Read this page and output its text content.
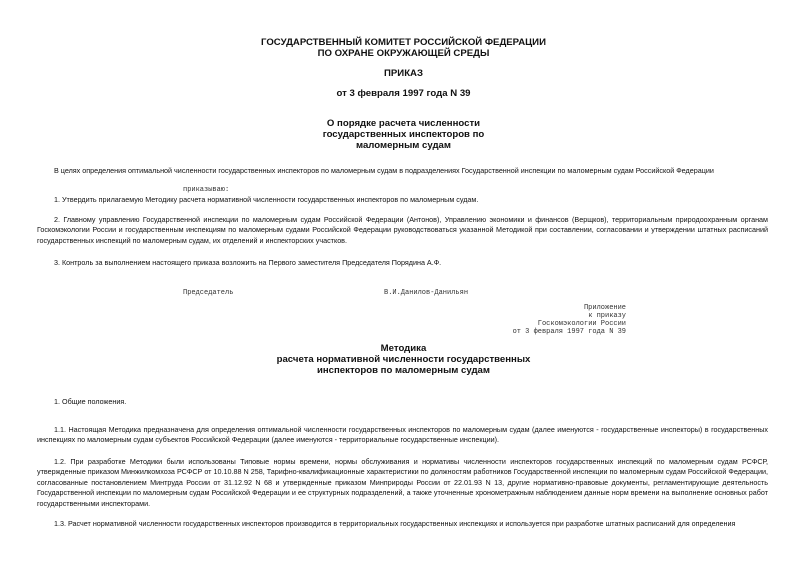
ГОСУДАРСТВЕННЫЙ КОМИТЕТ РОССИЙСКОЙ ФЕДЕРАЦИИ
ПО ОХРАНЕ ОКРУЖАЮЩЕЙ СРЕДЫ
ПРИКАЗ
от 3 февраля 1997 года N 39
О порядке расчета численности
государственных инспекторов по
маломерным судам
В целях определения оптимальной численности государственных инспекторов по маломерным судам в подразделениях Государственной инспекции по маломерным судам Российской Федерации
приказываю:
1. Утвердить прилагаемую Методику расчета нормативной численности государственных инспекторов по маломерным судам.
2. Главному управлению Государственной инспекции по маломерным судам Российской Федерации (Антонов), Управлению экономики и финансов (Верщков), территориальным природоохранным органам Госкомэкологии России и государственным инспекциям по маломерным судами Российской Федерации руководствоваться указанной Методикой при составлении, согласовании и утверждении штатных расписаний государственных инспекций по маломерным судам, их отделений и инспекторских участков.
3. Контроль за выполнением настоящего приказа возложить на Первого заместителя Председателя Порядина А.Ф.
Председатель	В.И.Данилов-Данильян
Приложение
к приказу
Госкомэкологии России
от 3 февраля 1997 года N 39
Методика
расчета нормативной численности государственных
инспекторов по маломерным судам
1. Общие положения.
1.1. Настоящая Методика предназначена для определения оптимальной численности государственных инспекторов по маломерным судам (далее именуются - государственные инспекторы) в государственных инспекциях по маломерным судам субъектов Российской Федерации (далее именуются - территориальные государственные инспекции).
1.2. При разработке Методики были использованы Типовые нормы времени, нормы обслуживания и нормативы численности инспекторов государственных инспекций по маломерным судам РСФСР, утвержденные приказом Минжилкомхоза РСФСР от 10.10.88 N 258, Тарифно-квалификационные характеристики по должностям работников Государственной инспекции по маломерным судам Российской Федерации, согласованные постановлением Минтруда России от 31.12.92 N 68 и утвержденные приказом Минприроды России от 22.01.93 N 13, другие нормативно-правовые документы, регламентирующие деятельность Государственной инспекции по маломерным судам Российской Федерации и ее структурных подразделений, а также уточненные хронометражным наблюдением данные норм времени на выполнение основных работ государственными инспекторами.
1.3. Расчет нормативной численности государственных инспекторов производится в территориальных государственных инспекциях и используется при разработке штатных расписаний для определения
